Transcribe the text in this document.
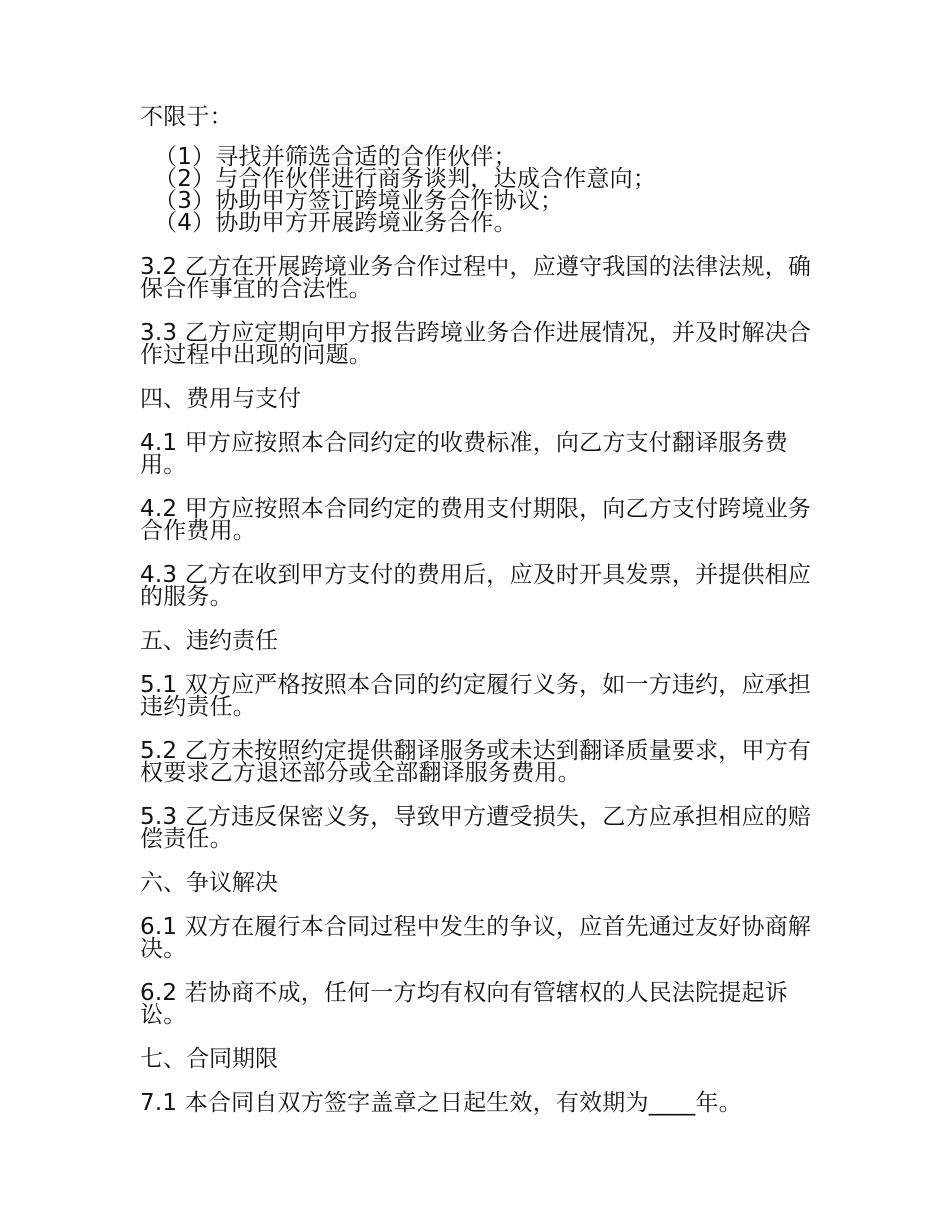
不限于：
（1）寻找并筛选合适的合作伙伴；
（2）与合作伙伴进行商务谈判，达成合作意向；
（3）协助甲方签订跨境业务合作协议；
（4）协助甲方开展跨境业务合作。
3.2 乙方在开展跨境业务合作过程中，应遵守我国的法律法规，确保合作事宜的合法性。
3.3 乙方应定期向甲方报告跨境业务合作进展情况，并及时解决合作过程中出现的问题。
四、费用与支付
4.1 甲方应按照本合同约定的收费标准，向乙方支付翻译服务费用。
4.2 甲方应按照本合同约定的费用支付期限，向乙方支付跨境业务合作费用。
4.3 乙方在收到甲方支付的费用后，应及时开具发票，并提供相应的服务。
五、违约责任
5.1 双方应严格按照本合同的约定履行义务，如一方违约，应承担违约责任。
5.2 乙方未按照约定提供翻译服务或未达到翻译质量要求，甲方有权要求乙方退还部分或全部翻译服务费用。
5.3 乙方违反保密义务，导致甲方遭受损失，乙方应承担相应的赔偿责任。
六、争议解决
6.1 双方在履行本合同过程中发生的争议，应首先通过友好协商解决。
6.2 若协商不成，任何一方均有权向有管辖权的人民法院提起诉讼。
七、合同期限
7.1 本合同自双方签字盖章之日起生效，有效期为____年。
